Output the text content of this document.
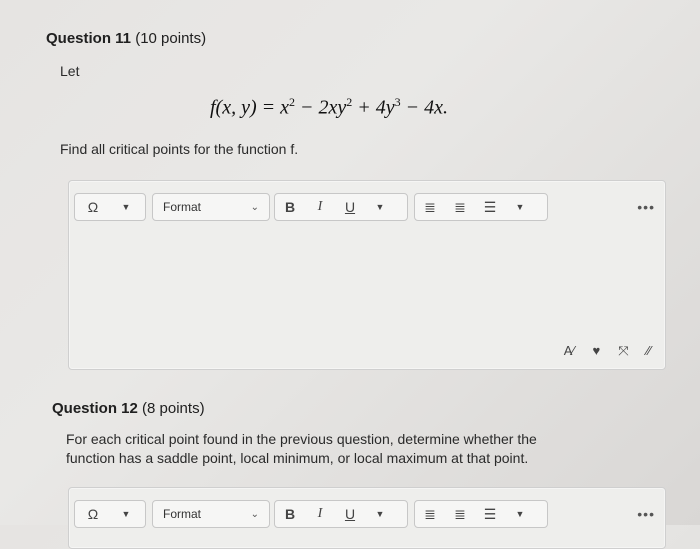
Question 11 (10 points)
Let
f(x, $y) = x^2 - 2xy^2 + 4y^3 - 4x$.
Find all critical points for the function f.
Ω	▼	Format	⌄	B	I	U	▼	≣ ≣ ☰ ▼	•••
A∕ ♥ ⤧ ⁄⁄
Question 12 (8 points)
For each critical point found in the previous question, determine whether the
function has a saddle point, local minimum, or local maximum at that point.
Ω	▼	Format	⌄	B	I	U	▼	≣ ≣ ☰ ▼	•••
